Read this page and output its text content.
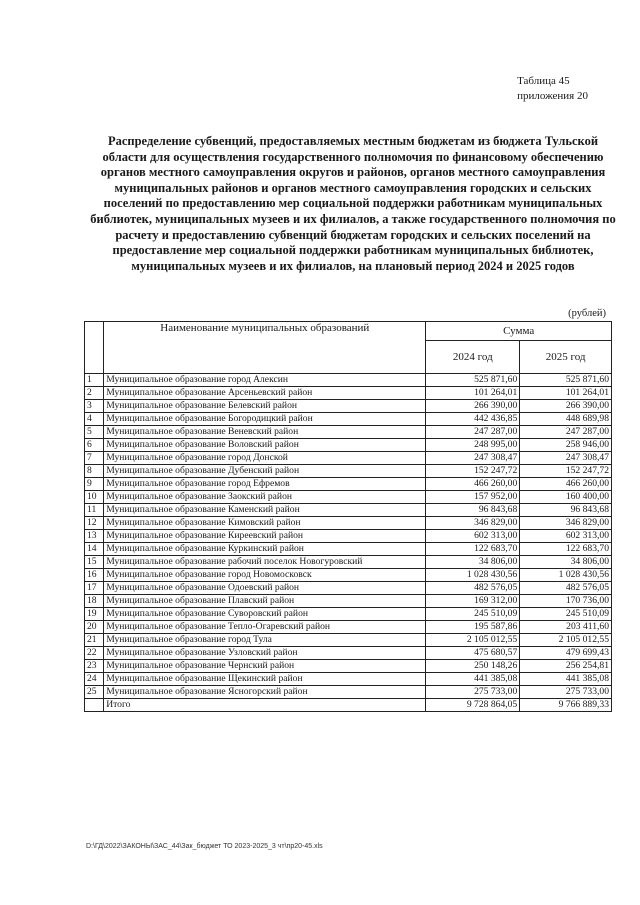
Таблица 45
приложения 20
Распределение субвенций, предоставляемых местным бюджетам из бюджета Тульской области для осуществления государственного полномочия по финансовому обеспечению органов местного самоуправления округов и районов, органов местного самоуправления муниципальных районов и органов местного самоуправления городских и сельских поселений по предоставлению мер социальной поддержки работникам муниципальных библиотек, муниципальных музеев и их филиалов, а также государственного полномочия по расчету и предоставлению субвенций бюджетам городских и сельских поселений на предоставление мер социальной поддержки работникам муниципальных библиотек, муниципальных музеев и их филиалов, на плановый период 2024 и 2025 годов
(рублей)
	Наименование муниципальных образований	Сумма	
		2024 год	2025 год
1	Муниципальное образование город Алексин	525 871,60	525 871,60
2	Муниципальное образование Арсеньевский район	101 264,01	101 264,01
3	Муниципальное образование Белевский район	266 390,00	266 390,00
4	Муниципальное образование Богородицкий район	442 436,85	448 689,98
5	Муниципальное образование Веневский район	247 287,00	247 287,00
6	Муниципальное образование Воловский район	248 995,00	258 946,00
7	Муниципальное образование город Донской	247 308,47	247 308,47
8	Муниципальное образование Дубенский район	152 247,72	152 247,72
9	Муниципальное образование город Ефремов	466 260,00	466 260,00
10	Муниципальное образование Заокский район	157 952,00	160 400,00
11	Муниципальное образование Каменский район	96 843,68	96 843,68
12	Муниципальное образование Кимовский район	346 829,00	346 829,00
13	Муниципальное образование Киреевский район	602 313,00	602 313,00
14	Муниципальное образование Куркинский район	122 683,70	122 683,70
15	Муниципальное образование рабочий поселок Новогуровский	34 806,00	34 806,00
16	Муниципальное образование город Новомосковск	1 028 430,56	1 028 430,56
17	Муниципальное образование Одоевский район	482 576,05	482 576,05
18	Муниципальное образование Плавский район	169 312,00	170 736,00
19	Муниципальное образование Суворовский район	245 510,09	245 510,09
20	Муниципальное образование Тепло-Огаревский район	195 587,86	203 411,60
21	Муниципальное образование город Тула	2 105 012,55	2 105 012,55
22	Муниципальное образование Узловский район	475 680,57	479 699,43
23	Муниципальное образование Чернский район	250 148,26	256 254,81
24	Муниципальное образование Щекинский район	441 385,08	441 385,08
25	Муниципальное образование Ясногорский район	275 733,00	275 733,00
	Итого	9 728 864,05	9 766 889,33
D:\ГД\2022\ЗАКОНЫ\ЗАС_44\Зак_бюджет ТО 2023-2025_3 чт\пр20-45.xls
